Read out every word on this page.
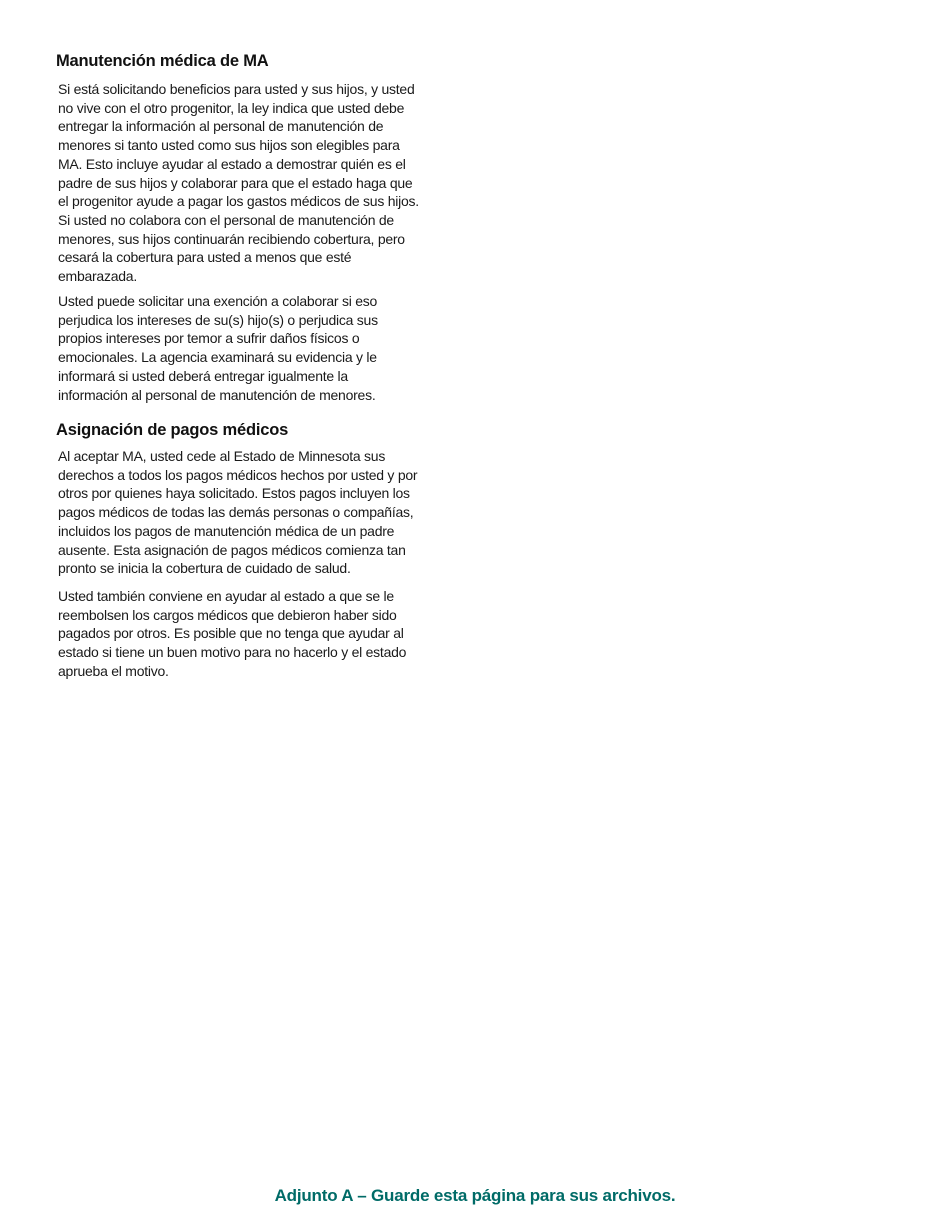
Manutención médica de MA
Si está solicitando beneficios para usted y sus hijos, y usted
no vive con el otro progenitor, la ley indica que usted debe
entregar la información al personal de manutención de
menores si tanto usted como sus hijos son elegibles para
MA. Esto incluye ayudar al estado a demostrar quién es el
padre de sus hijos y colaborar para que el estado haga que
el progenitor ayude a pagar los gastos médicos de sus hijos.
Si usted no colabora con el personal de manutención de
menores, sus hijos continuarán recibiendo cobertura, pero
cesará la cobertura para usted a menos que esté
embarazada.
Usted puede solicitar una exención a colaborar si eso
perjudica los intereses de su(s) hijo(s) o perjudica sus
propios intereses por temor a sufrir daños físicos o
emocionales. La agencia examinará su evidencia y le
informará si usted deberá entregar igualmente la
información al personal de manutención de menores.
Asignación de pagos médicos
Al aceptar MA, usted cede al Estado de Minnesota sus
derechos a todos los pagos médicos hechos por usted y por
otros por quienes haya solicitado. Estos pagos incluyen los
pagos médicos de todas las demás personas o compañías,
incluidos los pagos de manutención médica de un padre
ausente. Esta asignación de pagos médicos comienza tan
pronto se inicia la cobertura de cuidado de salud.
Usted también conviene en ayudar al estado a que se le
reembolsen los cargos médicos que debieron haber sido
pagados por otros. Es posible que no tenga que ayudar al
estado si tiene un buen motivo para no hacerlo y el estado
aprueba el motivo.
Adjunto A – Guarde esta página para sus archivos.
